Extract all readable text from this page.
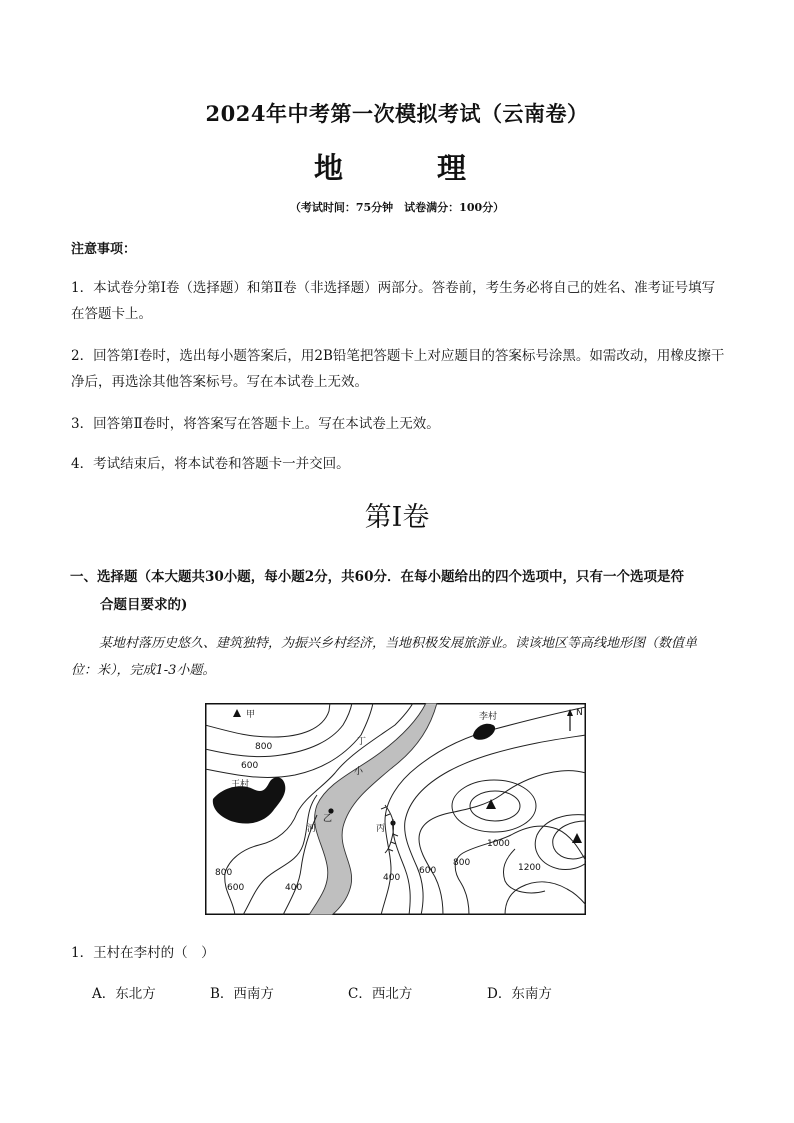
2024年中考第一次模拟考试（云南卷）
地 理
（考试时间：75分钟　试卷满分：100分）
注意事项：
1．本试卷分第Ⅰ卷（选择题）和第Ⅱ卷（非选择题）两部分。答卷前，考生务必将自己的姓名、准考证号填写在答题卡上。
2．回答第Ⅰ卷时，选出每小题答案后，用2B铅笔把答题卡上对应题目的答案标号涂黑。如需改动，用橡皮擦干净后，再选涂其他答案标号。写在本试卷上无效。
3．回答第Ⅱ卷时，将答案写在答题卡上。写在本试卷上无效。
4．考试结束后，将本试卷和答题卡一并交回。
第Ⅰ卷
一、选择题（本大题共30小题，每小题2分，共60分．在每小题给出的四个选项中，只有一个选项是符
合题目要求的)
某地村落历史悠久、建筑独特，为振兴乡村经济，当地积极发展旅游业。读该地区等高线地形图（数值单位：米），完成1-3小题。
甲	李村	N
王村
乙
丙
小
河
丁
800
600
800
600	400
400
600
800
1000
1200
1．王村在李村的（　）
A．东北方	B．西南方	C．西北方	D．东南方
